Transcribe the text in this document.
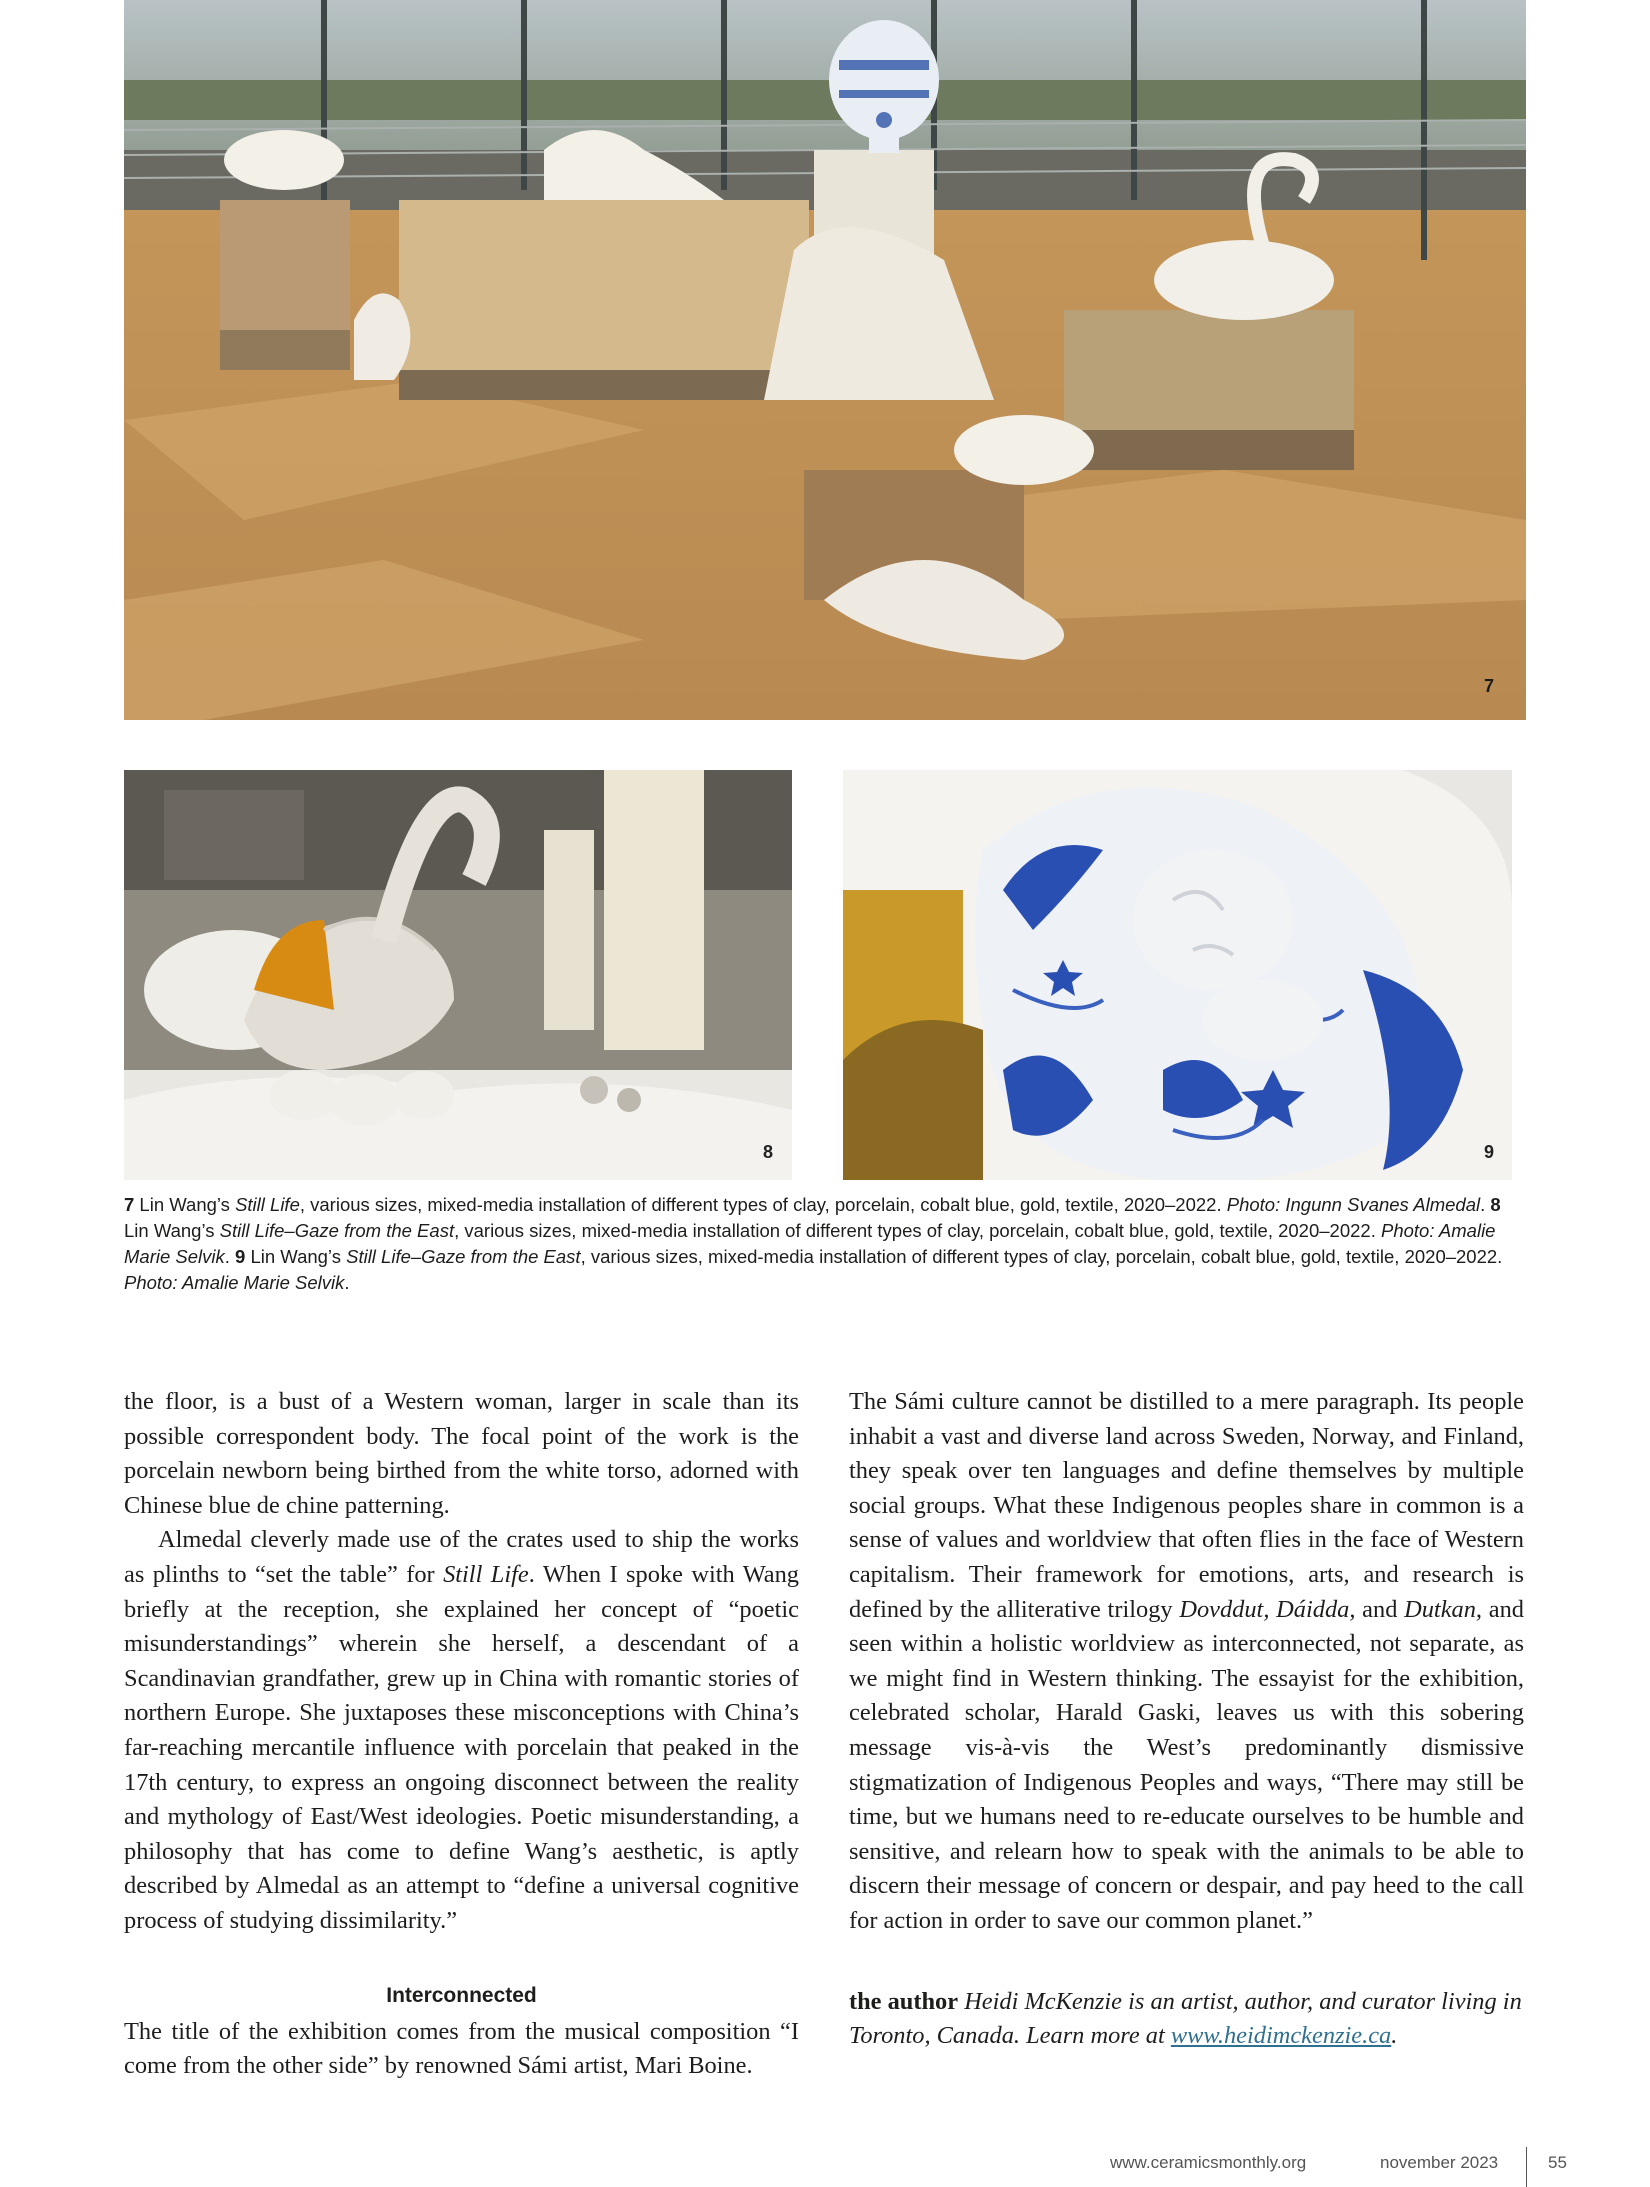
8	9
7
7 Lin Wang’s Still Life, various sizes, mixed-media installation of different types of clay, porcelain, cobalt blue, gold, textile, 2020–2022. Photo: Ingunn Svanes Almedal. 8 Lin Wang’s Still Life–Gaze from the East, various sizes, mixed-media installation of different types of clay, porcelain, cobalt blue, gold, textile, 2020–2022. Photo: Amalie Marie Selvik. 9 Lin Wang’s Still Life–Gaze from the East, various sizes, mixed-media installation of different types of clay, porcelain, cobalt blue, gold, textile, 2020–2022. Photo: Amalie Marie Selvik.

the floor, is a bust of a Western woman, larger in scale than its possible correspondent body. The focal point of the work is the porcelain newborn being birthed from the white torso, adorned with Chinese blue de chine patterning.

Almedal cleverly made use of the crates used to ship the works as plinths to “set the table” for Still Life. When I spoke with Wang briefly at the reception, she explained her concept of “poetic misunderstandings” wherein she herself, a descendant of a Scandinavian grandfather, grew up in China with romantic stories of northern Europe. She juxtaposes these misconceptions with China’s far-reaching mercantile influence with porcelain that peaked in the 17th century, to express an ongoing disconnect between the reality and mythology of East/West ideologies. Poetic misunderstanding, a philosophy that has come to define Wang’s aesthetic, is aptly described by Almedal as an attempt to “define a universal cognitive process of studying dissimilarity.”

Interconnected

The title of the exhibition comes from the musical composition “I come from the other side” by renowned Sámi artist, Mari Boine.

The Sámi culture cannot be distilled to a mere paragraph. Its people inhabit a vast and diverse land across Sweden, Norway, and Finland, they speak over ten languages and define themselves by multiple social groups. What these Indigenous peoples share in common is a sense of values and worldview that often flies in the face of Western capitalism. Their framework for emotions, arts, and research is defined by the alliterative trilogy Dovddut, Dáidda, and Dutkan, and seen within a holistic worldview as interconnected, not separate, as we might find in Western thinking. The essayist for the exhibition, celebrated scholar, Harald Gaski, leaves us with this sobering message vis-à-vis the West’s predominantly dismissive stigmatization of Indigenous Peoples and ways, “There may still be time, but we humans need to re-educate ourselves to be humble and sensitive, and relearn how to speak with the animals to be able to discern their message of concern or despair, and pay heed to the call for action in order to save our common planet.”

the author Heidi McKenzie is an artist, author, and curator living in Toronto, Canada. Learn more at www.heidimckenzie.ca.

www.ceramicsmonthly.org	november 2023	55
